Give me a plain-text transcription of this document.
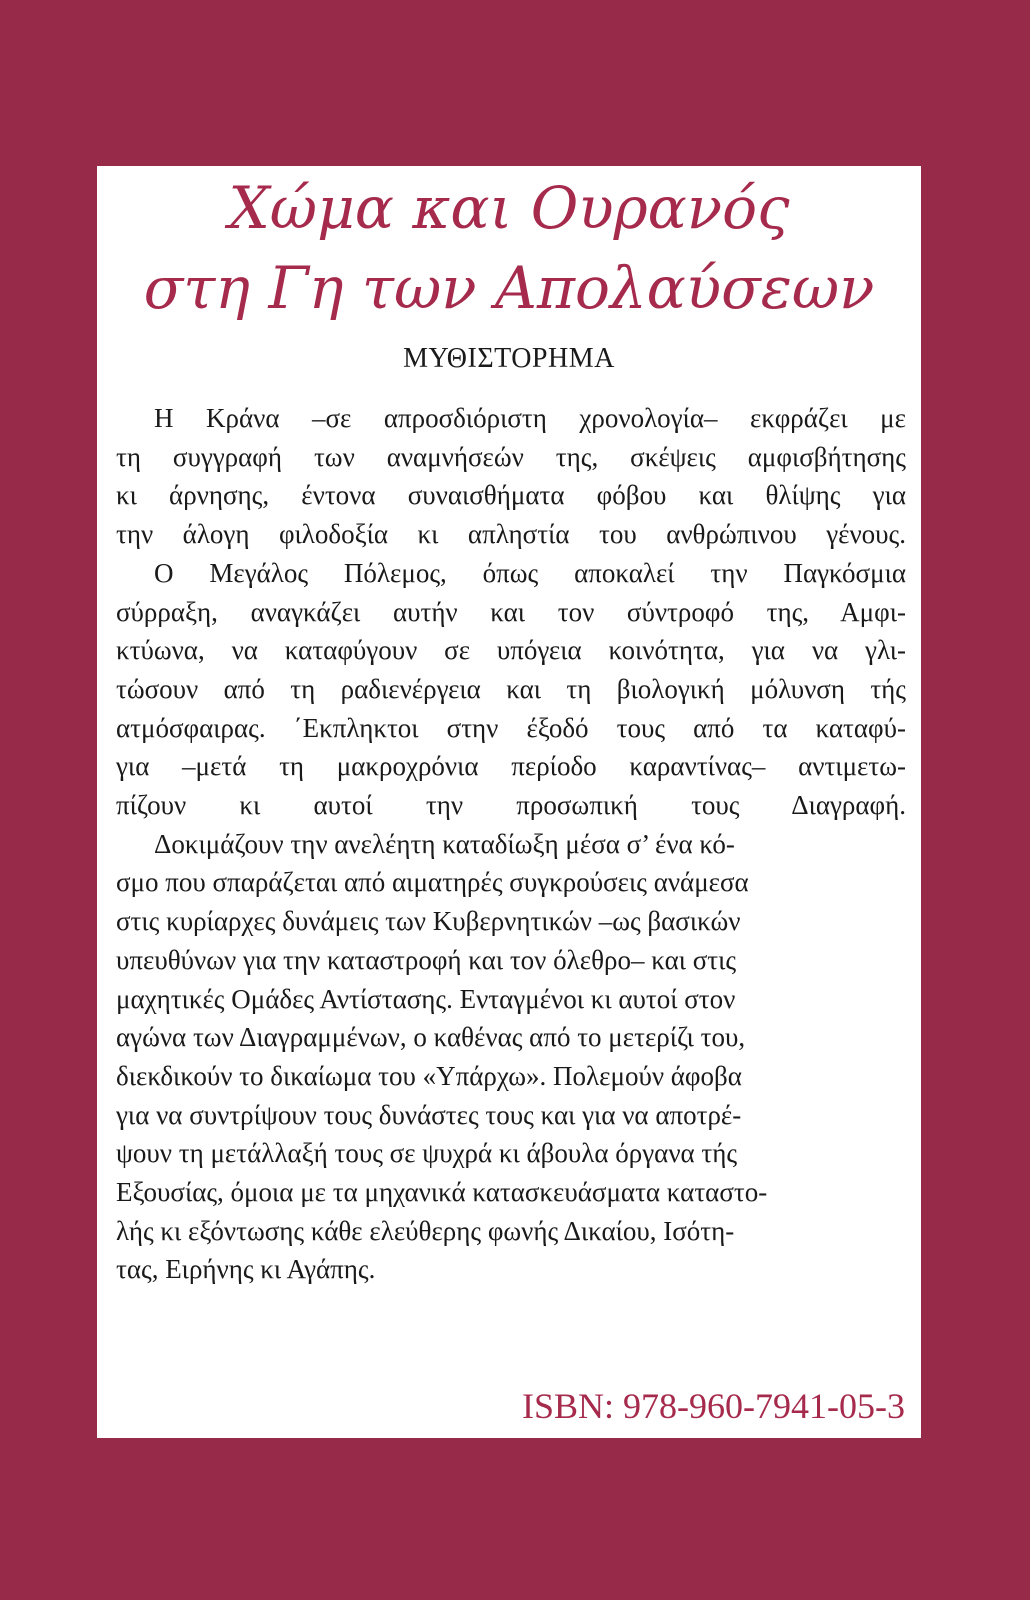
Χώμα και Ουρανός
στη Γη των Απολαύσεων

ΜΥΘΙΣΤΟΡΗΜΑ

Η Κράνα –σε απροσδιόριστη χρονολογία– εκφράζει με
τη συγγραφή των αναμνήσεών της, σκέψεις αμφισβήτησης
κι άρνησης, έντονα συναισθήματα φόβου και θλίψης για
την άλογη φιλοδοξία κι απληστία του ανθρώπινου γένους.

Ο Μεγάλος Πόλεμος, όπως αποκαλεί την Παγκόσμια
σύρραξη, αναγκάζει αυτήν και τον σύντροφό της, Αμφι-
κτύωνα, να καταφύγουν σε υπόγεια κοινότητα, για να γλι-
τώσουν από τη ραδιενέργεια και τη βιολογική μόλυνση τής
ατμόσφαιρας. ΄Εκπληκτοι στην έξοδό τους από τα καταφύ-
για –μετά τη μακροχρόνια περίοδο καραντίνας– αντιμετω-
πίζουν κι αυτοί την προσωπική τους Διαγραφή.

Δοκιμάζουν την ανελέητη καταδίωξη μέσα σ’ ένα κό-
σμο που σπαράζεται από αιματηρές συγκρούσεις ανάμεσα
στις κυρίαρχες δυνάμεις των Κυβερνητικών –ως βασικών
υπευθύνων για την καταστροφή και τον όλεθρο– και στις
μαχητικές Ομάδες Αντίστασης. Ενταγμένοι κι αυτοί στον
αγώνα των Διαγραμμένων, ο καθένας από το μετερίζι του,
διεκδικούν το δικαίωμα του «Υπάρχω». Πολεμούν άφοβα
για να συντρίψουν τους δυνάστες τους και για να αποτρέ-
ψουν τη μετάλλαξή τους σε ψυχρά κι άβουλα όργανα τής
Εξουσίας, όμοια με τα μηχανικά κατασκευάσματα καταστο-
λής κι εξόντωσης κάθε ελεύθερης φωνής Δικαίου, Ισότη-
τας, Ειρήνης κι Αγάπης.

ISBN: 978-960-7941-05-3
